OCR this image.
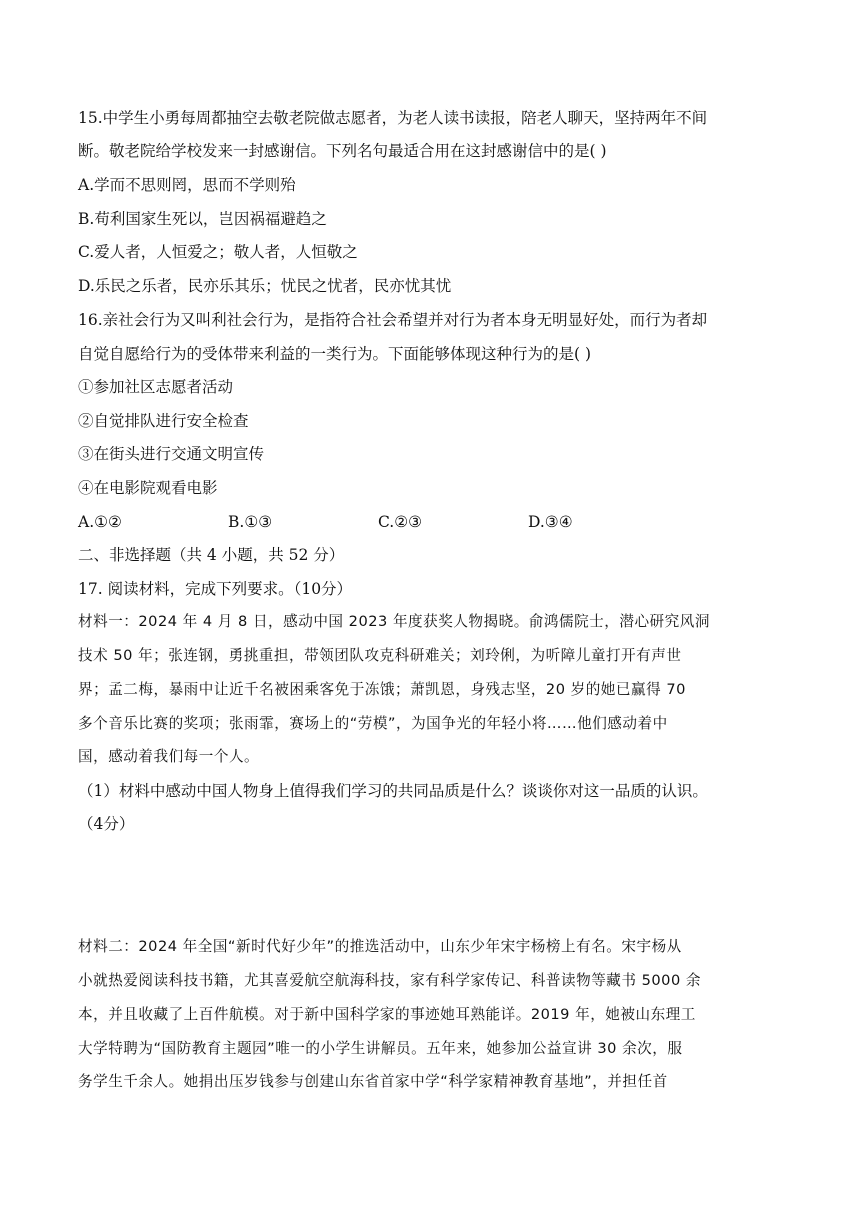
15.中学生小勇每周都抽空去敬老院做志愿者，为老人读书读报，陪老人聊天，坚持两年不间
断。敬老院给学校发来一封感谢信。下列名句最适合用在这封感谢信中的是( )
A.学而不思则罔，思而不学则殆
B.苟利国家生死以，岂因祸福避趋之
C.爱人者，人恒爱之；敬人者，人恒敬之
D.乐民之乐者，民亦乐其乐；忧民之忧者，民亦忧其忧
16.亲社会行为又叫利社会行为，是指符合社会希望并对行为者本身无明显好处，而行为者却
自觉自愿给行为的受体带来利益的一类行为。下面能够体现这种行为的是( )
①参加社区志愿者活动
②自觉排队进行安全检查
③在街头进行交通文明宣传
④在电影院观看电影
A.①②	B.①③	C.②③	D.③④
二、非选择题（共 4 小题，共 52 分）
17. 阅读材料，完成下列要求。（10分）
材料一：2024 年 4 月 8 日，感动中国 2023 年度获奖人物揭晓。俞鸿儒院士，潜心研究风洞
技术 50 年；张连钢，勇挑重担，带领团队攻克科研难关；刘玲俐，为听障儿童打开有声世
界；孟二梅，暴雨中让近千名被困乘客免于冻饿；萧凯恩，身残志坚，20 岁的她已赢得 70
多个音乐比赛的奖项；张雨霏，赛场上的“劳模”，为国争光的年轻小将……他们感动着中
国，感动着我们每一个人。
（1）材料中感动中国人物身上值得我们学习的共同品质是什么？谈谈你对这一品质的认识。
（4分）
材料二：2024 年全国“新时代好少年”的推选活动中，山东少年宋宇杨榜上有名。宋宇杨从
小就热爱阅读科技书籍，尤其喜爱航空航海科技，家有科学家传记、科普读物等藏书 5000 余
本，并且收藏了上百件航模。对于新中国科学家的事迹她耳熟能详。2019 年，她被山东理工
大学特聘为“国防教育主题园”唯一的小学生讲解员。五年来，她参加公益宣讲 30 余次，服
务学生千余人。她捐出压岁钱参与创建山东省首家中学“科学家精神教育基地”，并担任首
